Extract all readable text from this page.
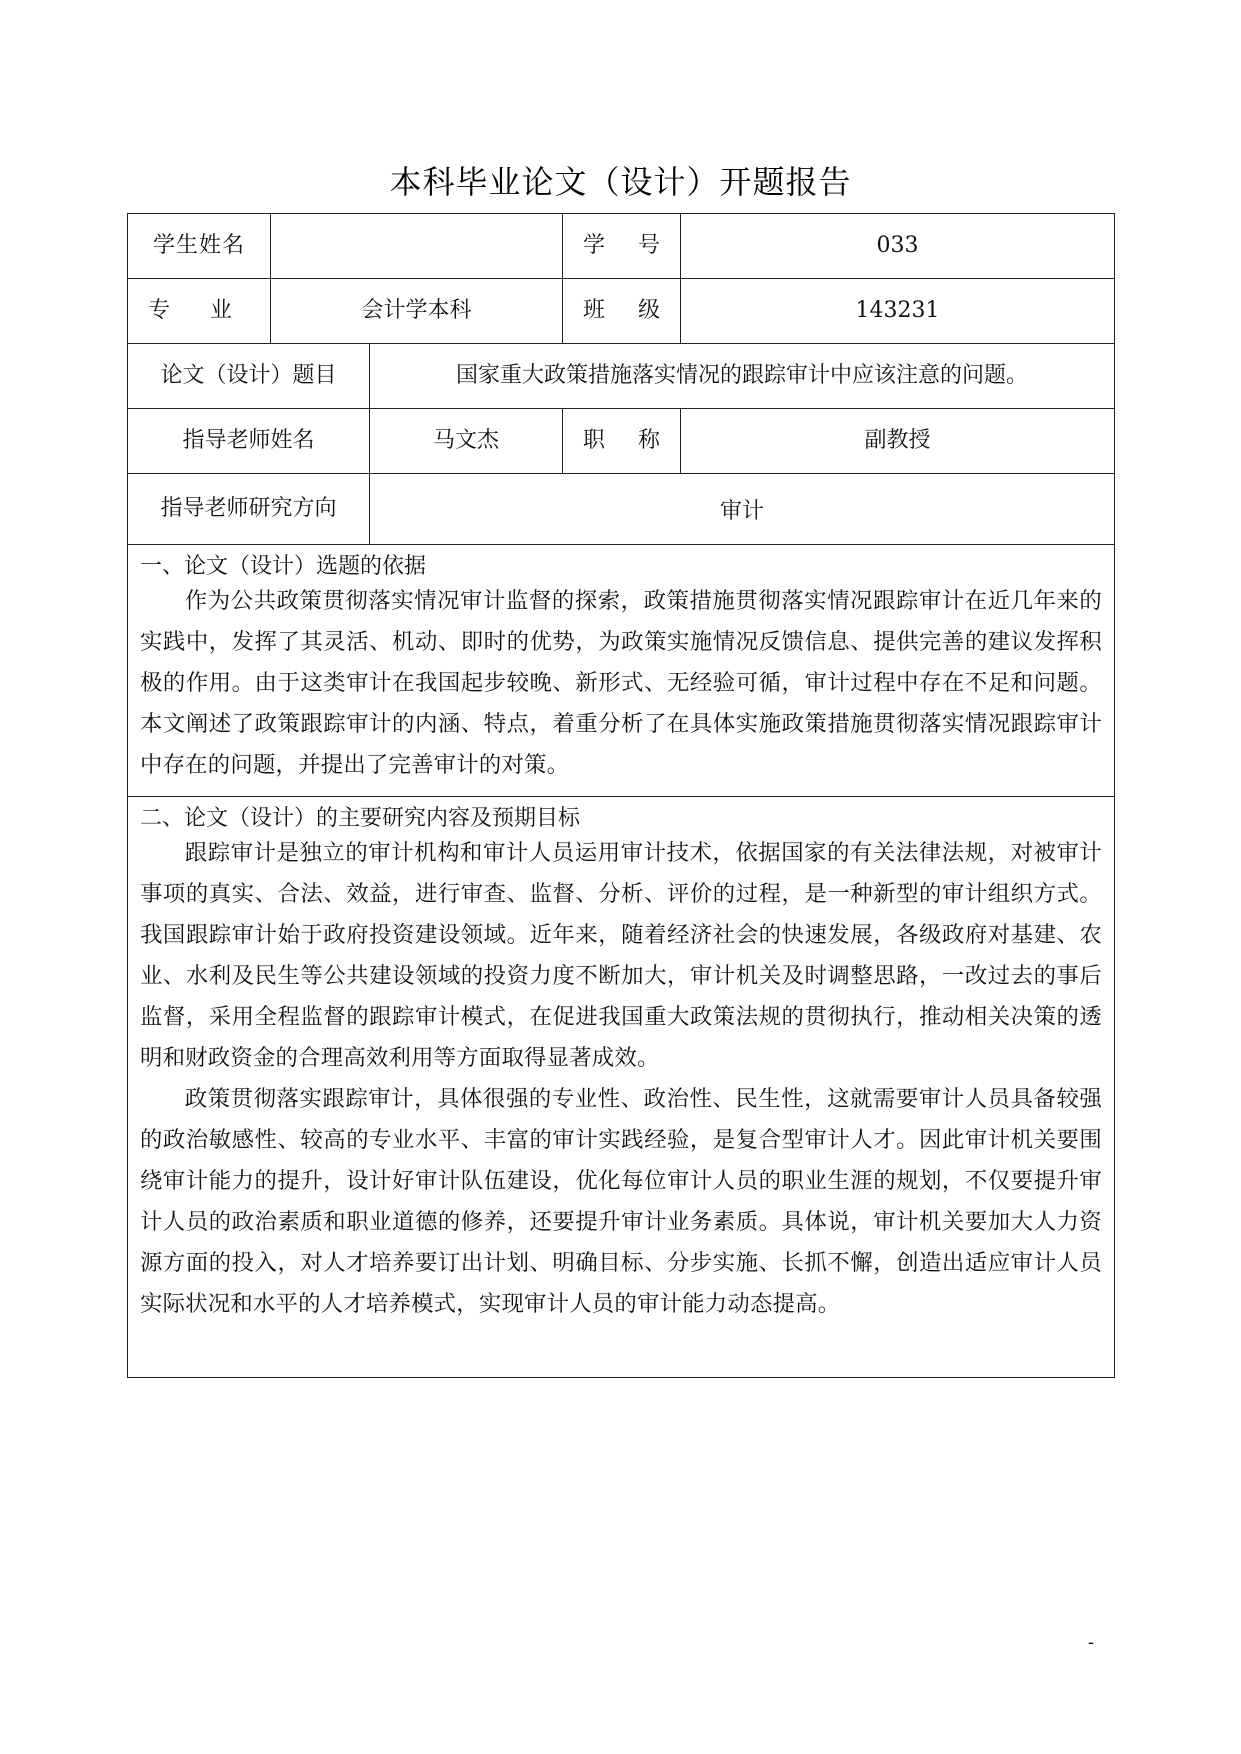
本科毕业论文（设计）开题报告
学生姓名			学 号	033

专 业	会计学本科		班 级	143231
论文（设计）题目		国家重大政策措施落实情况的跟踪审计中应该注意的问题。		
指导老师姓名		马文杰	职 称	副教授
指导老师研究方向		审计		

一、论文（设计）选题的依据

作为公共政策贯彻落实情况审计监督的探索，政策措施贯彻落实情况跟踪审计在近几年来的实践中，发挥了其灵活、机动、即时的优势，为政策实施情况反馈信息、提供完善的建议发挥积极的作用。由于这类审计在我国起步较晚、新形式、无经验可循，审计过程中存在不足和问题。本文阐述了政策跟踪审计的内涵、特点，着重分析了在具体实施政策措施贯彻落实情况跟踪审计中存在的问题，并提出了完善审计的对策。				

二、论文（设计）的主要研究内容及预期目标

跟踪审计是独立的审计机构和审计人员运用审计技术，依据国家的有关法律法规，对被审计事项的真实、合法、效益，进行审查、监督、分析、评价的过程，是一种新型的审计组织方式。我国跟踪审计始于政府投资建设领域。近年来，随着经济社会的快速发展，各级政府对基建、农业、水利及民生等公共建设领域的投资力度不断加大，审计机关及时调整思路，一改过去的事后监督，采用全程监督的跟踪审计模式，在促进我国重大政策法规的贯彻执行，推动相关决策的透明和财政资金的合理高效利用等方面取得显著成效。

政策贯彻落实跟踪审计，具体很强的专业性、政治性、民生性，这就需要审计人员具备较强的政治敏感性、较高的专业水平、丰富的审计实践经验，是复合型审计人才。因此审计机关要围绕审计能力的提升，设计好审计队伍建设，优化每位审计人员的职业生涯的规划，不仅要提升审计人员的政治素质和职业道德的修养，还要提升审计业务素质。具体说，审计机关要加大人力资源方面的投入，对人才培养要订出计划、明确目标、分步实施、长抓不懈，创造出适应审计人员实际状况和水平的人才培养模式，实现审计人员的审计能力动态提高。				

-
